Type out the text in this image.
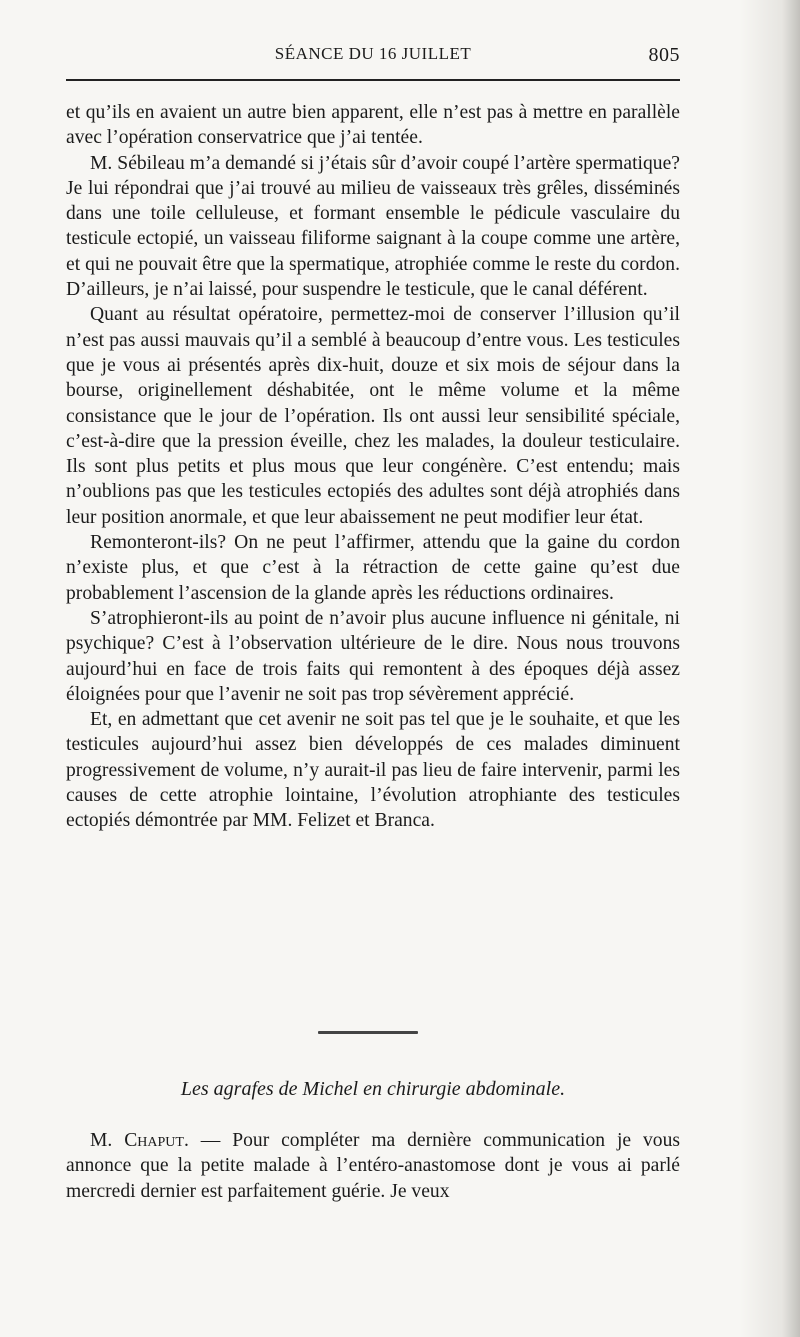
SÉANCE DU 16 JUILLET	805

et qu’ils en avaient un autre bien apparent, elle n’est pas à mettre en parallèle avec l’opération conservatrice que j’ai tentée.

M. Sébileau m’a demandé si j’étais sûr d’avoir coupé l’artère spermatique? Je lui répondrai que j’ai trouvé au milieu de vaisseaux très grêles, disséminés dans une toile celluleuse, et formant ensemble le pédicule vasculaire du testicule ectopié, un vaisseau filiforme saignant à la coupe comme une artère, et qui ne pouvait être que la spermatique, atrophiée comme le reste du cordon. D’ailleurs, je n’ai laissé, pour suspendre le testicule, que le canal déférent.

Quant au résultat opératoire, permettez-moi de conserver l’illusion qu’il n’est pas aussi mauvais qu’il a semblé à beaucoup d’entre vous. Les testicules que je vous ai présentés après dix-huit, douze et six mois de séjour dans la bourse, originellement déshabitée, ont le même volume et la même consistance que le jour de l’opération. Ils ont aussi leur sensibilité spéciale, c’est-à-dire que la pression éveille, chez les malades, la douleur testiculaire. Ils sont plus petits et plus mous que leur congénère. C’est entendu; mais n’oublions pas que les testicules ectopiés des adultes sont déjà atrophiés dans leur position anormale, et que leur abaissement ne peut modifier leur état.

Remonteront-ils? On ne peut l’affirmer, attendu que la gaine du cordon n’existe plus, et que c’est à la rétraction de cette gaine qu’est due probablement l’ascension de la glande après les réductions ordinaires.

S’atrophieront-ils au point de n’avoir plus aucune influence ni génitale, ni psychique? C’est à l’observation ultérieure de le dire. Nous nous trouvons aujourd’hui en face de trois faits qui remontent à des époques déjà assez éloignées pour que l’avenir ne soit pas trop sévèrement apprécié.

Et, en admettant que cet avenir ne soit pas tel que je le souhaite, et que les testicules aujourd’hui assez bien développés de ces malades diminuent progressivement de volume, n’y aurait-il pas lieu de faire intervenir, parmi les causes de cette atrophie lointaine, l’évolution atrophiante des testicules ectopiés démontrée par MM. Felizet et Branca.

Les agrafes de Michel en chirurgie abdominale.

M. Chaput. — Pour compléter ma dernière communication je vous annonce que la petite malade à l’entéro-anastomose dont je vous ai parlé mercredi dernier est parfaitement guérie. Je veux
